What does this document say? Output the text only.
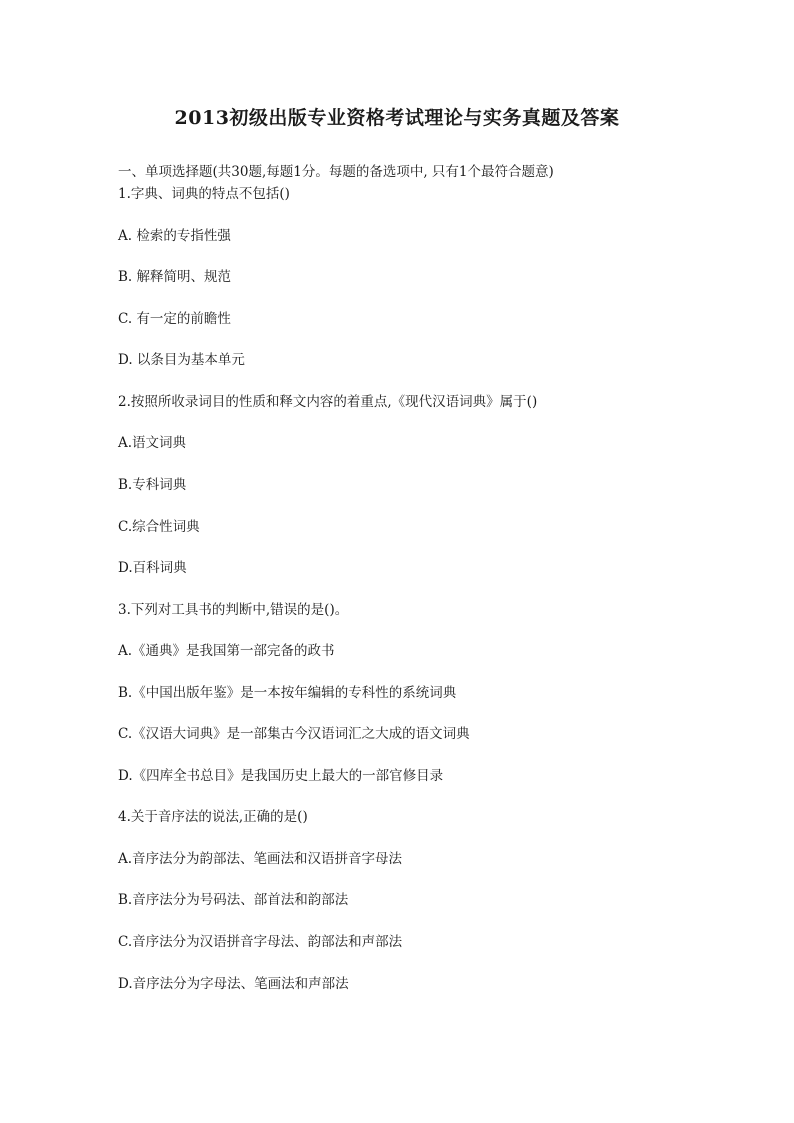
2013初级出版专业资格考试理论与实务真题及答案
一、单项选择题(共30题,每题1分。每题的备选项中, 只有1个最符合题意)
1.字典、词典的特点不包括()
A. 检索的专指性强
B. 解释简明、规范
C. 有一定的前瞻性
D. 以条目为基本单元
2.按照所收录词目的性质和释文内容的着重点,《现代汉语词典》属于()
A.语文词典
B.专科词典
C.综合性词典
D.百科词典
3.下列对工具书的判断中,错误的是()。
A.《通典》是我国第一部完备的政书
B.《中国出版年鉴》是一本按年编辑的专科性的系统词典
C.《汉语大词典》是一部集古今汉语词汇之大成的语文词典
D.《四库全书总目》是我国历史上最大的一部官修目录
4.关于音序法的说法,正确的是()
A.音序法分为韵部法、笔画法和汉语拼音字母法
B.音序法分为号码法、部首法和韵部法
C.音序法分为汉语拼音字母法、韵部法和声部法
D.音序法分为字母法、笔画法和声部法
